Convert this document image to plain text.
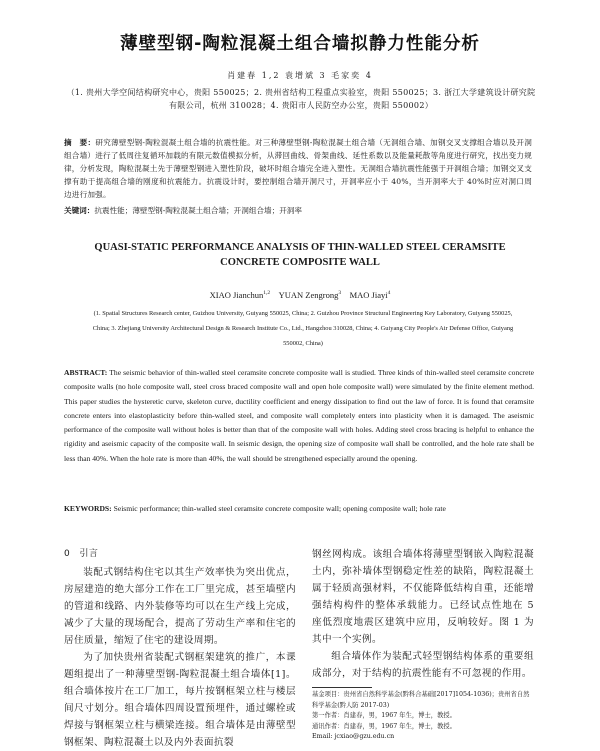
薄壁型钢-陶粒混凝土组合墙拟静力性能分析
肖建春 1,2 袁增斌 3 毛家奕 4
（1. 贵州大学空间结构研究中心，贵阳 550025；2. 贵州省结构工程重点实验室，贵阳 550025；3. 浙江大学建筑设计研究院有限公司，杭州 310028；4. 贵阳市人民防空办公室，贵阳 550002）
摘　要：研究薄壁型钢-陶粒混凝土组合墙的抗震性能。对三种薄壁型钢-陶粒混凝土组合墙（无洞组合墙、加钢交叉支撑组合墙以及开洞组合墙）进行了低周往复循环加载的有限元数值模拟分析，从滞回曲线、骨架曲线、延性系数以及能量耗散等角度进行研究，找出变力规律，分析发现，陶粒混凝土先于薄壁型钢进入塑性阶段，破坏时组合墙完全进入塑性。无洞组合墙抗震性能强于开洞组合墙；加钢交叉支撑有助于提高组合墙的刚度和抗震能力。抗震设计时，要控制组合墙开洞尺寸，开洞率应小于 40%，当开洞率大于 40%时应对洞口周边进行加强。
关键词：抗震性能；薄壁型钢-陶粒混凝土组合墙；开洞组合墙；开洞率
QUASI-STATIC PERFORMANCE ANALYSIS OF THIN-WALLED STEEL CERAMSITE
CONCRETE COMPOSITE WALL
XIAO Jianchun$^{1,2}$ YUAN Zengrong$^3$ MAO Jiayi$^4$
(1. Spatial Structures Research center, Guizhou University, Guiyang 550025, China; 2. Guizhou Province Structural Engineering Key Laboratory, Guiyang 550025, China; 3. Zhejiang University Architectural Design & Research Institute Co., Ltd., Hangzhou 310028, China; 4. Guiyang City People's Air Defense Office, Guiyang 550002, China)
ABSTRACT: The seismic behavior of thin-walled steel ceramsite concrete composite wall is studied. Three kinds of thin-walled steel ceramsite concrete composite walls (no hole composite wall, steel cross braced composite wall and open hole composite wall) were simulated by the finite element method. This paper studies the hysteretic curve, skeleton curve, ductility coefficient and energy dissipation to find out the law of force. It is found that ceramsite concrete enters into elastoplasticity before thin-walled steel, and composite wall completely enters into plasticity when it is damaged. The aseismic performance of the composite wall without holes is better than that of the composite wall with holes. Adding steel cross bracing is helpful to enhance the rigidity and aseismic capacity of the composite wall. In seismic design, the opening size of composite wall shall be controlled, and the hole rate shall be less than 40%. When the hole rate is more than 40%, the wall should be strengthened especially around the opening.
KEYWORDS: Seismic performance; thin-walled steel ceramsite concrete composite wall; opening composite wall; hole rate
0　引言

装配式钢结构住宅以其生产效率快为突出优点，房屋建造的绝大部分工作在工厂里完成，甚至墙壁内的管道和线路、内外装修等均可以在生产线上完成，减少了大量的现场配合，提高了劳动生产率和住宅的居住质量，缩短了住宅的建设周期。

为了加快贵州省装配式钢框架建筑的推广，本课题组提出了一种薄壁型钢-陶粒混凝土组合墙体[1]。组合墙体按片在工厂加工，每片按钢框架立柱与楼层间尺寸划分。组合墙体四周设置预埋件，通过螺栓或焊接与钢框架立柱与横梁连接。组合墙体是由薄壁型钢框架、陶粒混凝土以及内外表面抗裂

钢丝网构成。该组合墙体将薄壁型钢嵌入陶粒混凝土内，弥补墙体型钢稳定性差的缺陷，陶粒混凝土属于轻质高强材料，不仅能降低结构自重，还能增强结构构件的整体承载能力。已经试点性地在 5 座低烈度地震区建筑中应用，反响较好。图 1 为其中一个实例。

组合墙体作为装配式轻型钢结构体系的重要组成部分，对于结构的抗震性能有不可忽视的作用。

基金项目：贵州省自然科学基金(黔科合基础[2017]1054-1036)；贵州省自然科学基金(黔人防 2017-03)
第一作者：肖建春，男，1967 年生，博士，教授。
通讯作者：肖建春，男，1967 年生，博士，教授。
Email: jcxiao@gzu.edu.cn
